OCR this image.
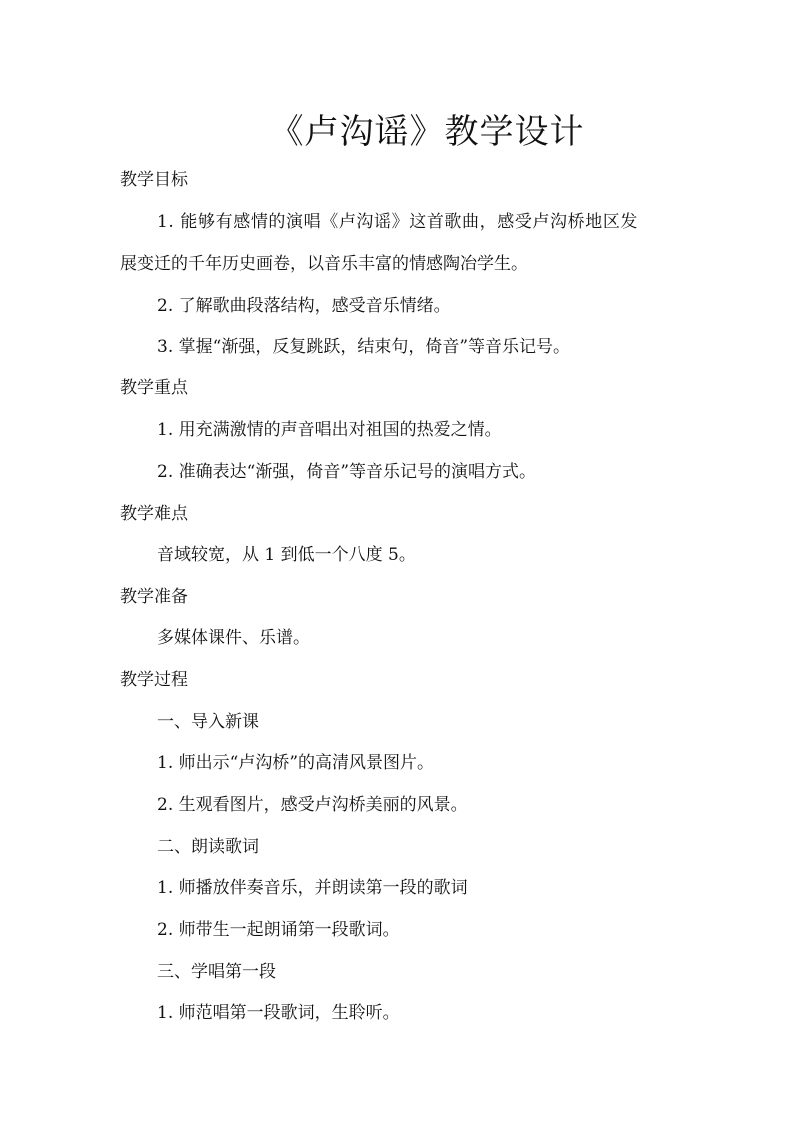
《卢沟谣》教学设计
教学目标
1. 能够有感情的演唱《卢沟谣》这首歌曲，感受卢沟桥地区发
展变迁的千年历史画卷，以音乐丰富的情感陶冶学生。
2. 了解歌曲段落结构，感受音乐情绪。
3. 掌握“渐强，反复跳跃，结束句，倚音”等音乐记号。
教学重点
1. 用充满激情的声音唱出对祖国的热爱之情。
2. 准确表达“渐强，倚音”等音乐记号的演唱方式。
教学难点
音域较宽，从 1 到低一个八度 5。
教学准备
多媒体课件、乐谱。
教学过程
一、导入新课
1. 师出示“卢沟桥”的高清风景图片。
2. 生观看图片，感受卢沟桥美丽的风景。
二、朗读歌词
1. 师播放伴奏音乐，并朗读第一段的歌词
2. 师带生一起朗诵第一段歌词。
三、学唱第一段
1. 师范唱第一段歌词，生聆听。
